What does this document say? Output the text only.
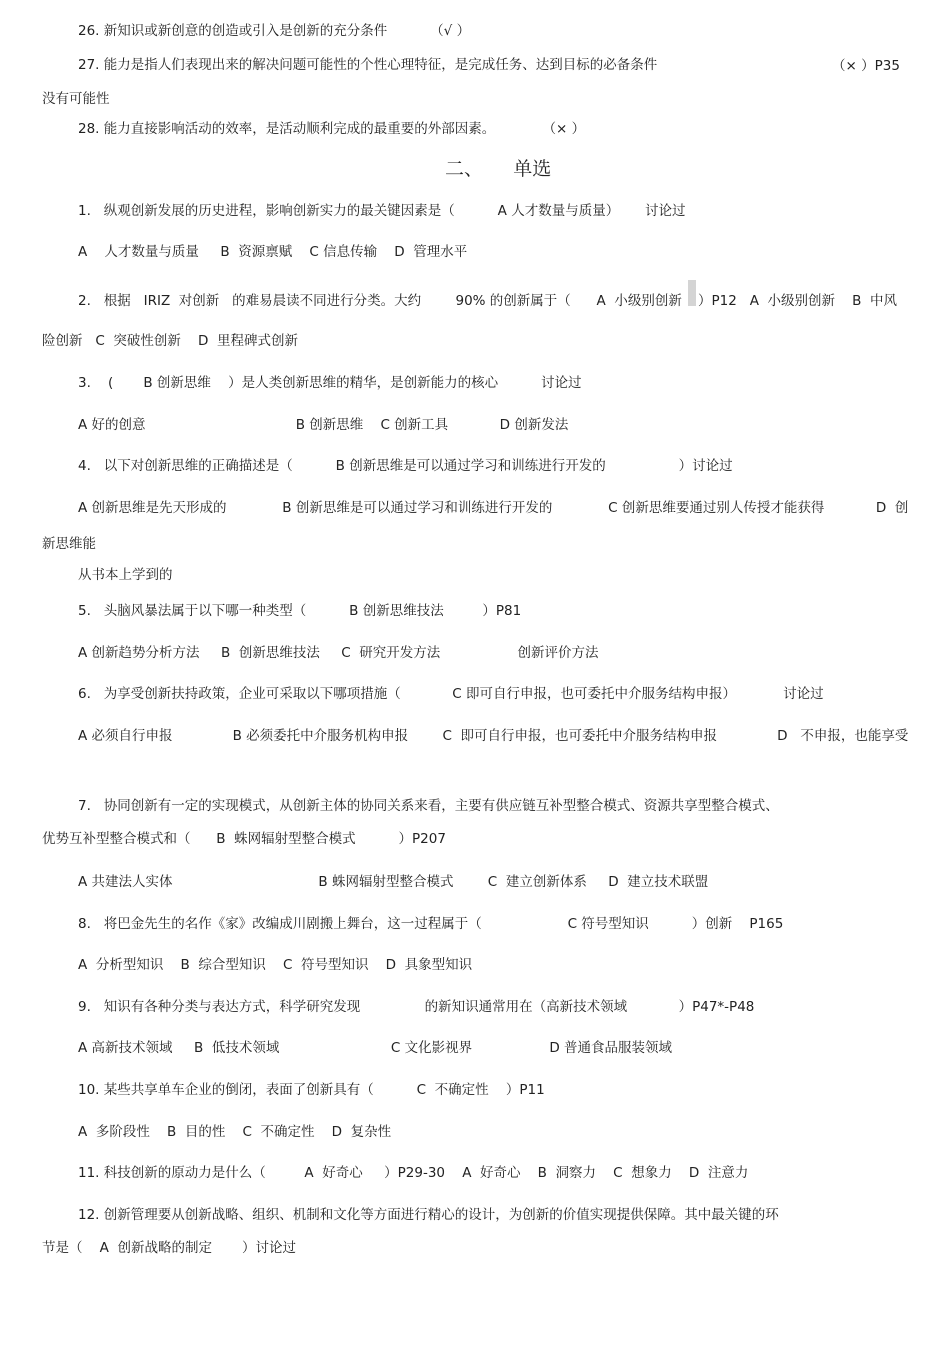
26. 新知识或新创意的创造或引入是创新的充分条件          （√ ）
27. 能力是指人们表现出来的解决问题可能性的个性心理特征，是完成任务、达到目标的必备条件	（× ）P35
没有可能性
28. 能力直接影响活动的效率，是活动顺利完成的最重要的外部因素。           （× ）
二、     单选
1.   纵观创新发展的历史进程，影响创新实力的最关键因素是（          A 人才数量与质量）      讨论过
A    人才数量与质量     B  资源禀赋    C 信息传输    D  管理水平
2.   根据   IRIZ  对创新   的难易晨读不同进行分类。大约        90% 的创新属于（      A  小级别创新 ）P12   A  小级别创新    B  中风
险创新   C  突破性创新    D  里程碑式创新
3.    (       B 创新思维    ）是人类创新思维的精华，是创新能力的核心          讨论过
A 好的创意                                   B 创新思维    C 创新工具            D 创新发法
4.   以下对创新思维的正确描述是（          B 创新思维是可以通过学习和训练进行开发的                 ）讨论过
A 创新思维是先天形成的             B 创新思维是可以通过学习和训练进行开发的             C 创新思维要通过别人传授才能获得            D  创
新思维能
从书本上学到的
5.   头脑风暴法属于以下哪一种类型（          B 创新思维技法         ）P81
A 创新趋势分析方法     B  创新思维技法     C  研究开发方法                  创新评价方法
6.   为享受创新扶持政策，企业可采取以下哪项措施（            C 即可自行申报，也可委托中介服务结构申报）           讨论过
A 必须自行申报              B 必须委托中介服务机构申报        C  即可自行申报，也可委托中介服务结构申报              D   不申报，也能享受
7.   协同创新有一定的实现模式，从创新主体的协同关系来看，主要有供应链互补型整合模式、资源共享型整合模式、
优势互补型整合模式和（      B  蛛网辐射型整合模式          ）P207
A 共建法人实体                                  B 蛛网辐射型整合模式        C  建立创新体系     D  建立技术联盟
8.   将巴金先生的名作《家》改编成川剧搬上舞台，这一过程属于（                    C 符号型知识          ）创新    P165
A  分析型知识    B  综合型知识    C  符号型知识    D  具象型知识
9.   知识有各种分类与表达方式，科学研究发现               的新知识通常用在（高新技术领域            ）P47*-P48
A 高新技术领域     B  低技术领域                          C 文化影视界                  D 普通食品服装领域
10. 某些共享单车企业的倒闭，表面了创新具有（          C  不确定性    ）P11
A  多阶段性    B  目的性    C  不确定性    D  复杂性
11. 科技创新的原动力是什么（         A  好奇心     ）P29-30    A  好奇心    B  洞察力    C  想象力    D  注意力
12. 创新管理要从创新战略、组织、机制和文化等方面进行精心的设计，为创新的价值实现提供保障。其中最关键的环
节是（    A  创新战略的制定       ）讨论过
